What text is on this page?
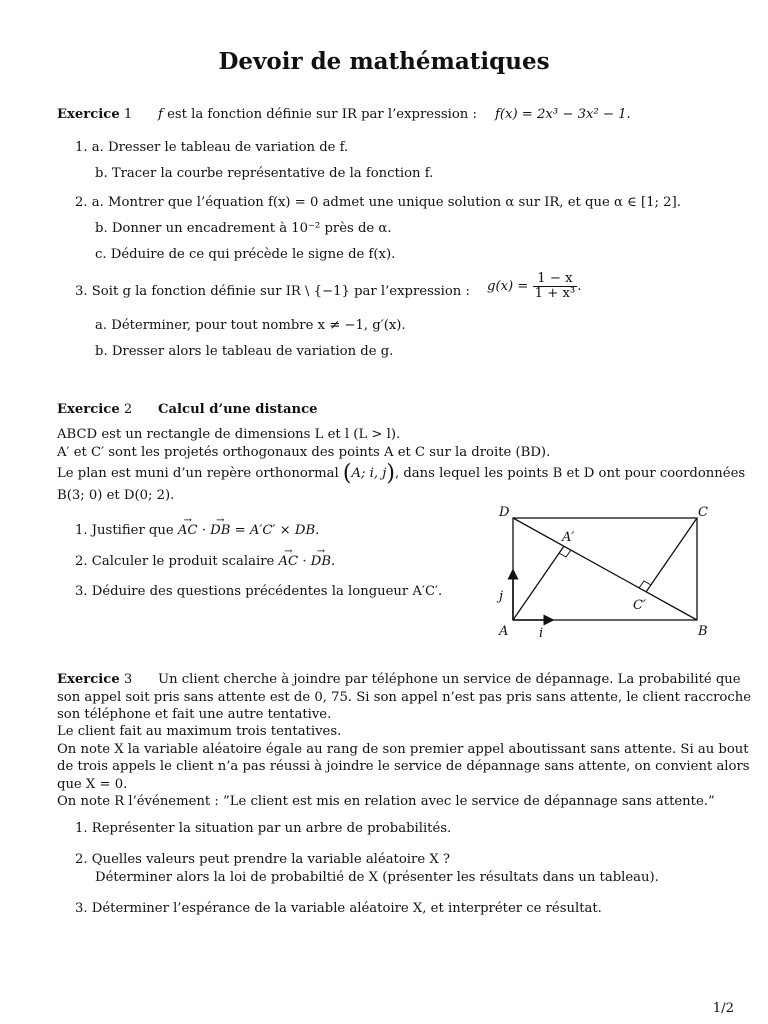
Devoir de mathématiques
Exercice 1 f est la fonction définie sur IR par l’expression : f(x) = 2x³ − 3x² − 1.
1. a. Dresser le tableau de variation de f.
b. Tracer la courbe représentative de la fonction f.
2. a. Montrer que l’équation f(x) = 0 admet une unique solution α sur IR, et que α ∈ [1; 2].
b. Donner un encadrement à 10⁻² près de α.
c. Déduire de ce qui précède le signe de f(x).
3. Soit g la fonction définie sur IR \ {−1} par l’expression : $g(x) = \frac{1 - x}{\text{1 + x³}}$ .
a. Déterminer, pour tout nombre x ≠ −1, g′(x).
b. Dresser alors le tableau de variation de g.
Exercice 2 Calcul d’une distance
ABCD est un rectangle de dimensions L et l (L > l).
A′ et C′ sont les projetés orthogonaux des points A et C sur la droite (BD).
Le plan est muni d’un repère orthonormal (A; i, j), dans lequel les points B et D ont pour coordonnées
B(3; 0) et D(0; 2).
1. Justifier que → AC · → DB = A′C′ × DB.
2. Calculer le produit scalaire → AC · → DB.
3. Déduire des questions précédentes la longueur A′C′.
D	C
A	B
A′
C′
i
j
Exercice 3 Un client cherche à joindre par téléphone un service de dépannage. La probabilité que
son appel soit pris sans attente est de 0, 75. Si son appel n’est pas pris sans attente, le client raccroche
son téléphone et fait une autre tentative.
Le client fait au maximum trois tentatives.
On note X la variable aléatoire égale au rang de son premier appel aboutissant sans attente. Si au bout
de trois appels le client n’a pas réussi à joindre le service de dépannage sans attente, on convient alors
que X = 0.
On note R l’événement : ”Le client est mis en relation avec le service de dépannage sans attente.”
1. Représenter la situation par un arbre de probabilités.
2. Quelles valeurs peut prendre la variable aléatoire X ?
Déterminer alors la loi de probabiltié de X (présenter les résultats dans un tableau).
3. Déterminer l’espérance de la variable aléatoire X, et interpréter ce résultat.
1/2
